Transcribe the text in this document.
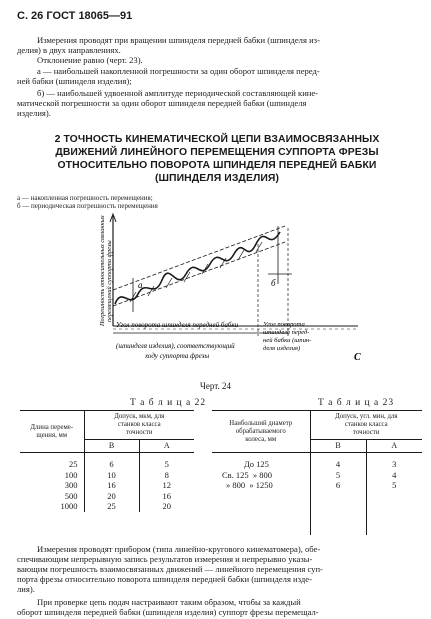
С. 26 ГОСТ 18065—91
Измерения проводят при вращении шпинделя передней бабки (шпинделя из-
делия) в двух направлениях.
Отклонение равно (черт. 23).
а — наибольшей накопленной погрешности за один оборот шпинделя перед-
ней бабки (шпинделя изделия);
б) — наибольшей удвоенной амплитуде периодической составляющей кине-
матической погрешности за один оборот шпинделя передней бабки (шпинделя
изделия).
2 ТОЧНОСТЬ КИНЕМАТИЧЕСКОЙ ЦЕПИ ВЗАИМОСВЯЗАННЫХ
ДВИЖЕНИЙ ЛИНЕЙНОГО ПЕРЕМЕЩЕНИЯ СУППОРТА ФРЕЗЫ
ОТНОСИТЕЛЬНО ПОВОРОТА ШПИНДЕЛЯ ПЕРЕДНЕЙ БАБКИ
(ШПИНДЕЛЯ ИЗДЕЛИЯ)
а — накопленная погрешность перемещения;
б — периодическая погрешность перемещения
а	б
Погрешность относительных связанных перемещений суппорта фрезы
Угол поворота шпинделя передней бабки
(шпинделя изделия), соответствующий
ходу суппорта фрезы
Угол поворота
шпинделя перед-
ней бабки (шпин-
деля изделия)
С
Черт. 24
Т а б л и ц а 22
Длина переме-
щения, мм	Допуск, мкм, для
станков класса
точности	
	В	А

25	6	5
100	10	8
300	16	12
500	20	16
1000	25	20
Т а б л и ц а 23
Наибольший диаметр
обрабатываемого
колеса, мм	Допуск, угл. мин, для
станков класса
точности	
	В	А

До 125	4	3
Св. 125  » 800	5	4
» 800  » 1250	6	5

Измерения проводят прибором (типа линейно-кругового кинематомера), обе-
спечивающим непрерывную запись результатов измерения и непрерывно указы-
вающим погрешность взаимосвязанных движений — линейного перемещения суп-
порта фрезы относительно поворота шпинделя передней бабки (шпинделя изде-
лия).
При проверке цепь подач настраивают таким образом, чтобы за каждый
оборот шпинделя передней бабки (шпинделя изделия) суппорт фрезы перемещал-
